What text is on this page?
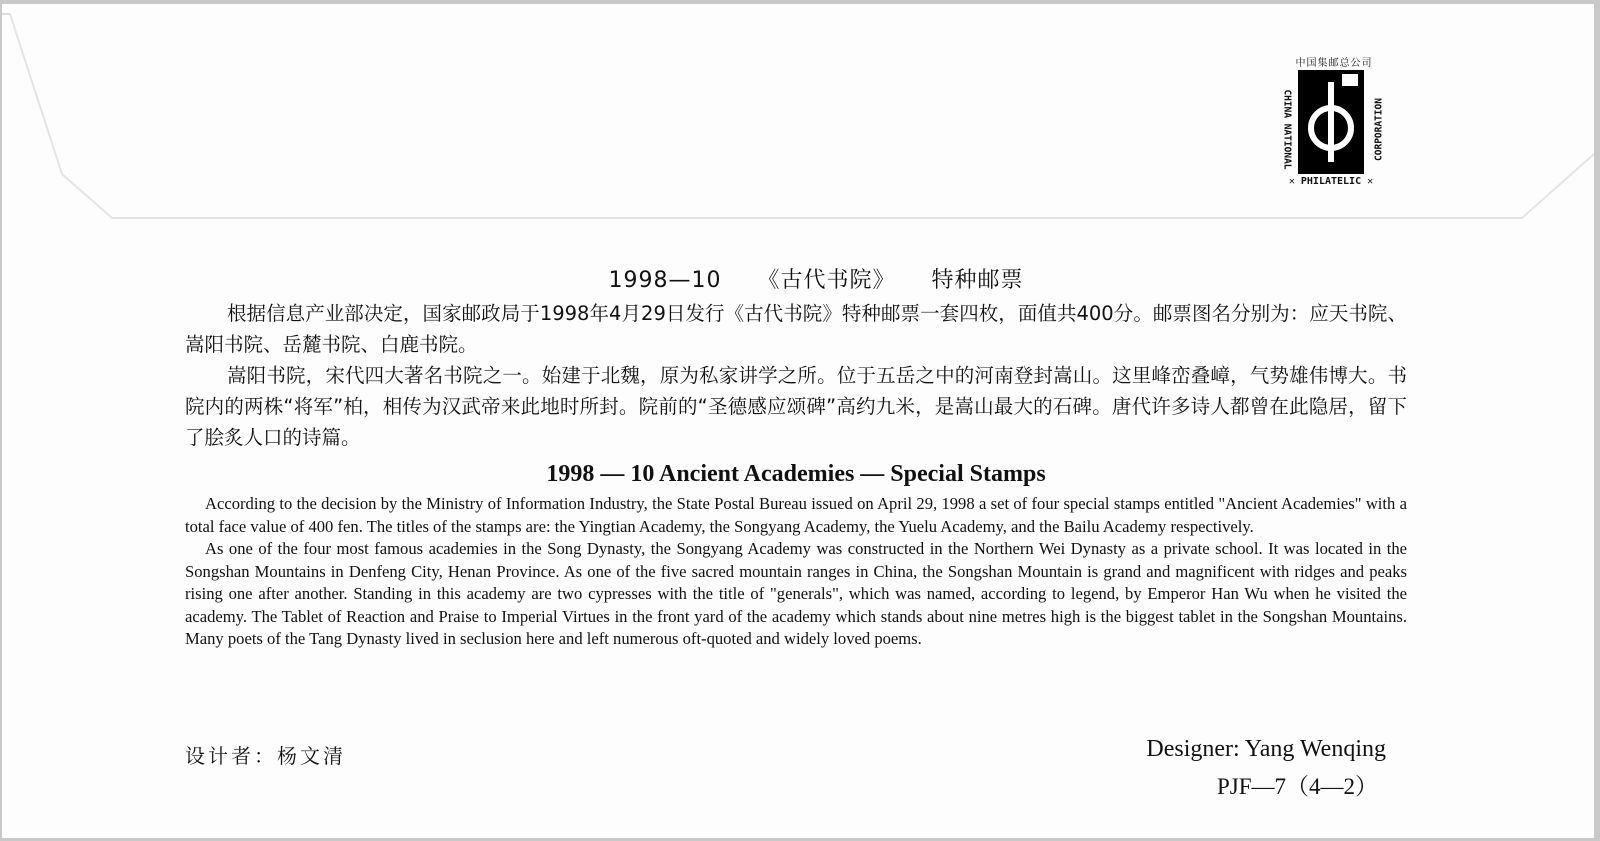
中国集邮总公司
CHINA NATIONAL	CORPORATION
✕ PHILATELIC ✕
1998—10 《古代书院》 特种邮票

根据信息产业部决定，国家邮政局于1998年4月29日发行《古代书院》特种邮票一套四枚，面值共400分。邮票图名分别为：应天书院、嵩阳书院、岳麓书院、白鹿书院。

嵩阳书院，宋代四大著名书院之一。始建于北魏，原为私家讲学之所。位于五岳之中的河南登封嵩山。这里峰峦叠嶂，气势雄伟博大。书院内的两株“将军”柏，相传为汉武帝来此地时所封。院前的“圣德感应颂碑”高约九米，是嵩山最大的石碑。唐代许多诗人都曾在此隐居，留下了脍炙人口的诗篇。

1998 — 10 Ancient Academies — Special Stamps

According to the decision by the Ministry of Information Industry, the State Postal Bureau issued on April 29, 1998 a set of four special stamps entitled "Ancient Academies" with a total face value of 400 fen. The titles of the stamps are: the Yingtian Academy, the Songyang Academy, the Yuelu Academy, and the Bailu Academy respectively.

As one of the four most famous academies in the Song Dynasty, the Songyang Academy was constructed in the Northern Wei Dynasty as a private school. It was located in the Songshan Mountains in Denfeng City, Henan Province. As one of the five sacred mountain ranges in China, the Songshan Mountain is grand and magnificent with ridges and peaks rising one after another. Standing in this academy are two cypresses with the title of "generals", which was named, according to legend, by Emperor Han Wu when he visited the academy. The Tablet of Reaction and Praise to Imperial Virtues in the front yard of the academy which stands about nine metres high is the biggest tablet in the Songshan Mountains. Many poets of the Tang Dynasty lived in seclusion here and left numerous oft-quoted and widely loved poems.

设计者：杨文清	Designer: Yang Wenqing
PJF—7（4—2）
